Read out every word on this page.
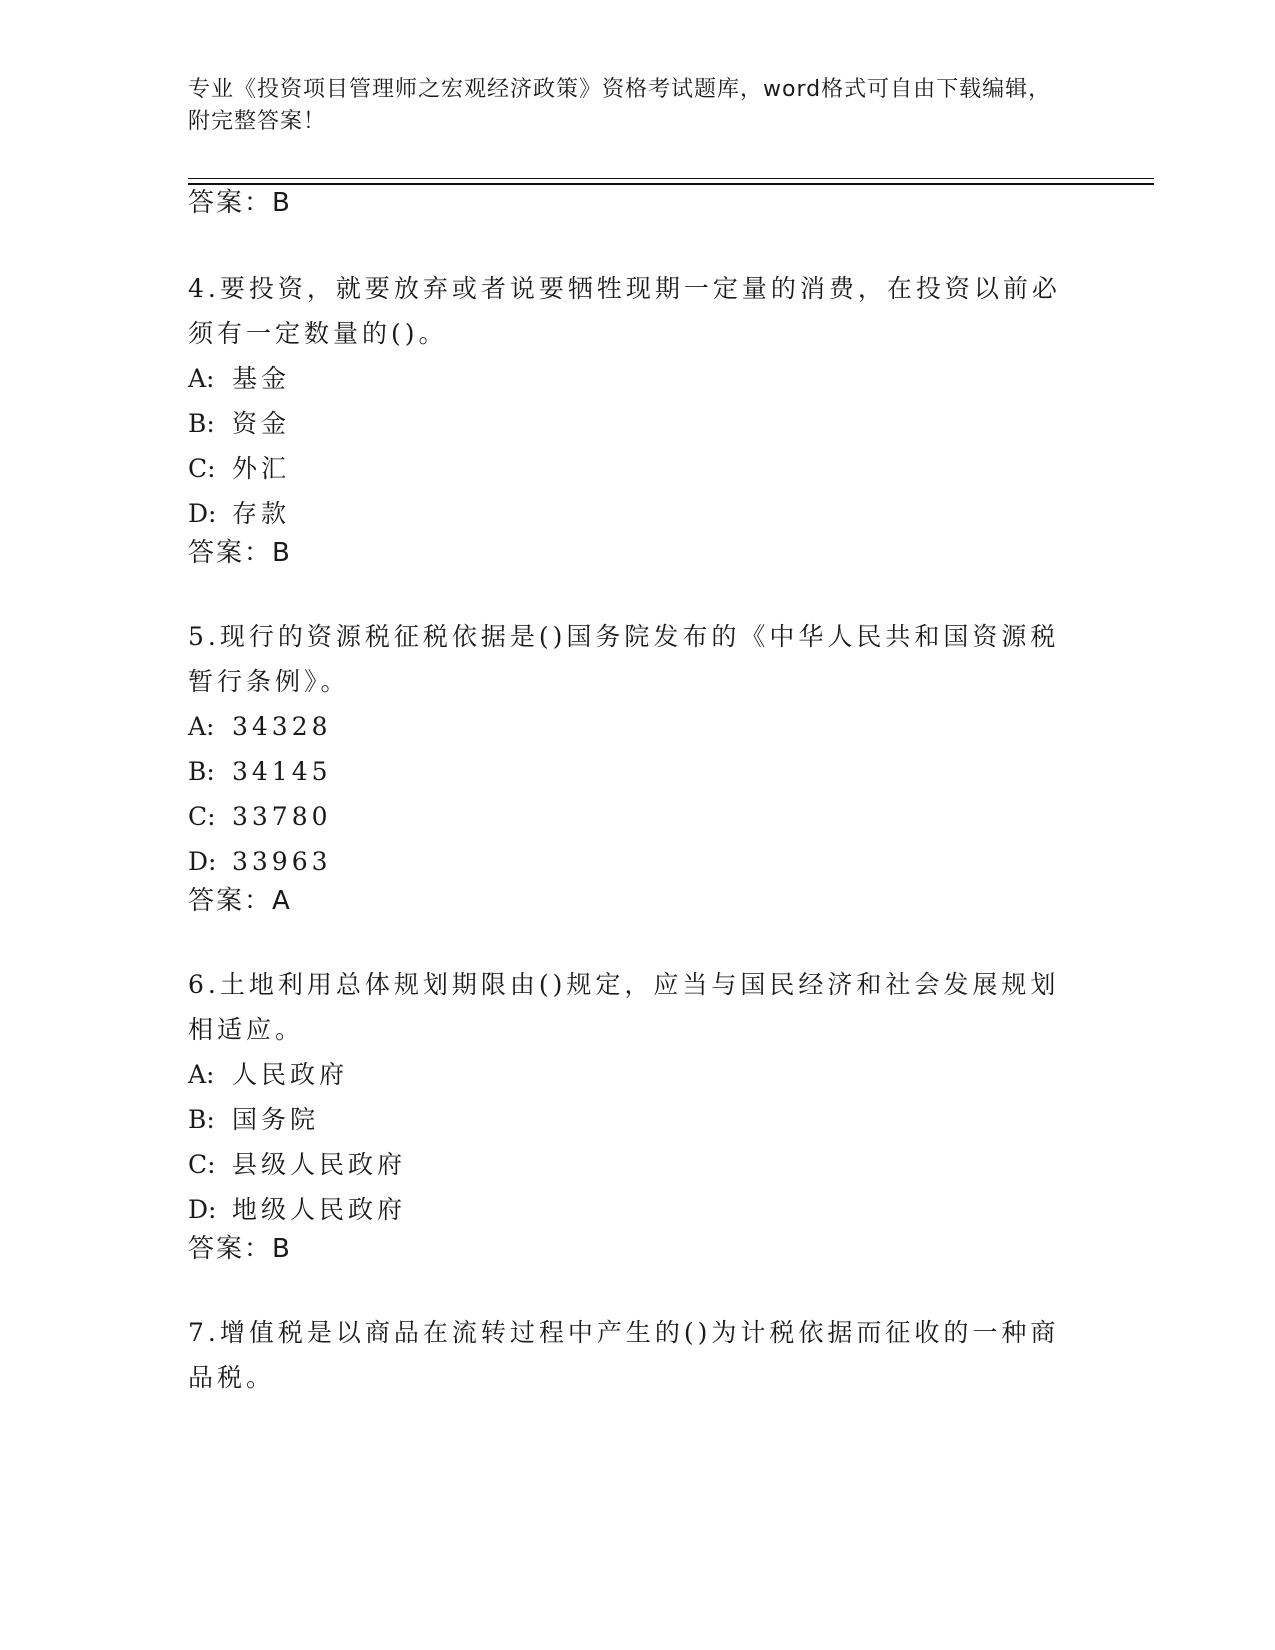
专业《投资项目管理师之宏观经济政策》资格考试题库，word格式可自由下载编辑，附完整答案！
答案：B
4.要投资，就要放弃或者说要牺牲现期一定量的消费，在投资以前必须有一定数量的()。
A: 基金
B: 资金
C: 外汇
D: 存款
答案：B
5.现行的资源税征税依据是()国务院发布的《中华人民共和国资源税暂行条例》。
A: 34328
B: 34145
C: 33780
D: 33963
答案：A
6.土地利用总体规划期限由()规定，应当与国民经济和社会发展规划相适应。
A: 人民政府
B: 国务院
C: 县级人民政府
D: 地级人民政府
答案：B
7.增值税是以商品在流转过程中产生的()为计税依据而征收的一种商品税。
